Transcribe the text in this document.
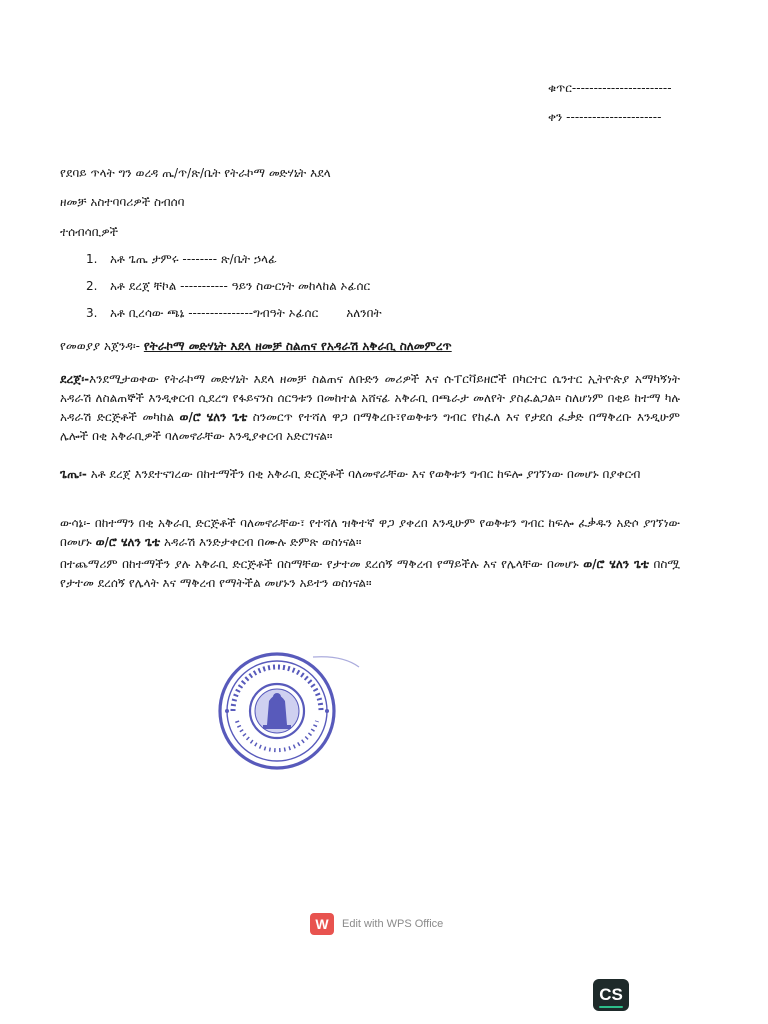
ቁጥር-----------------------
ቀን ----------------------
የደባይ ጥላት ግን ወረዳ ጤ/ጥ/ጽ/ቤት የትራኮማ መድሃኒት እደላ
ዘመቻ አስተባባሪዎች ስብሰባ
ተሰብሳቢዎች
1. አቶ ጌጤ ታምሩ -------- ጽ/ቤት ኃላፊ
2. አቶ ደረጀ ቸኮል ----------- ዓይን ስውርነት መከላከል ኦፊሰር
3. አቶ ቢረሳው ጫኔ ---------------ግብዓት ኦፊሰር አለንበት
የመወያያ አጀንዳ፡- የትራኮማ መድሃኒት እደላ ዘመቻ ስልጠና የአዳራሽ አቅራቢ ስለመምረጥ
ደረጀ፡-እንደሚታወቀው የትራኮማ መድሃኒት እደላ ዘመቻ ስልጠና ለቡድን መሪዎች እና ሱፐርቫይዘሮች በካርተር ሴንተር ኢትዮጵያ አማካኝነት አዳራሽ ለስልጠኞች እንዲቀርብ ሲደረግ የፋይናንስ ሰርዓቱን በመከተል አሸናፊ አቅራቢ በጫራታ መለየት ያስፈልጋል። ስለሆነም በቂይ ከተማ ካሉ አዳራሽ ድርጅቶች መካከል ወ/ሮ ሄለን ጌቴ ስንመርጥ የተሻለ ዋጋ በማቅረቡ፣የወቅቱን ግብር የከፈለ እና የታደሰ ፈቃድ በማቅረቡ እንዲሁም ሌሎች በቂ አቅራቢዎች ባለመኖራቸው እንዲያቀርብ አድርገናል።
ጌጤ፡- አቶ ደረጀ እንደተናገረው በከተማችን በቂ አቅራቢ ድርጅቶች ባለመኖራቸው እና የወቅቱን ግብር ከፍሎ ያገኘነው በመሆኑ በያቀርብ
ውሳኔ፡- በከተማን በቂ አቅራቢ ድርጅቶች ባለመኖራቸው፣ የተሻለ ዝቅተኛ ዋጋ ያቀረበ እንዲሁም የወቅቱን ግብር ከፍሎ ፈቃዱን አድሶ ያገኘነው በመሆኑ ወ/ሮ ሄለን ጌቴ አዳራሽ እንድታቀርብ በሙሉ ድምጽ ወስነናል።
በተጨማሪም በከተማችን ያሉ አቅራቢ ድርጅቶች በስማቸው የታተመ ደረሰኝ ማቅረብ የማይችሉ እና የሌላቸው በመሆኑ ወ/ሮ ሄለን ጌቴ በስሟ የታተመ ደረሰኝ የሌላት እና ማቅረብ የማትችል መሆኑን አይተን ወስነናል።
W	Edit with WPS Office
CS
